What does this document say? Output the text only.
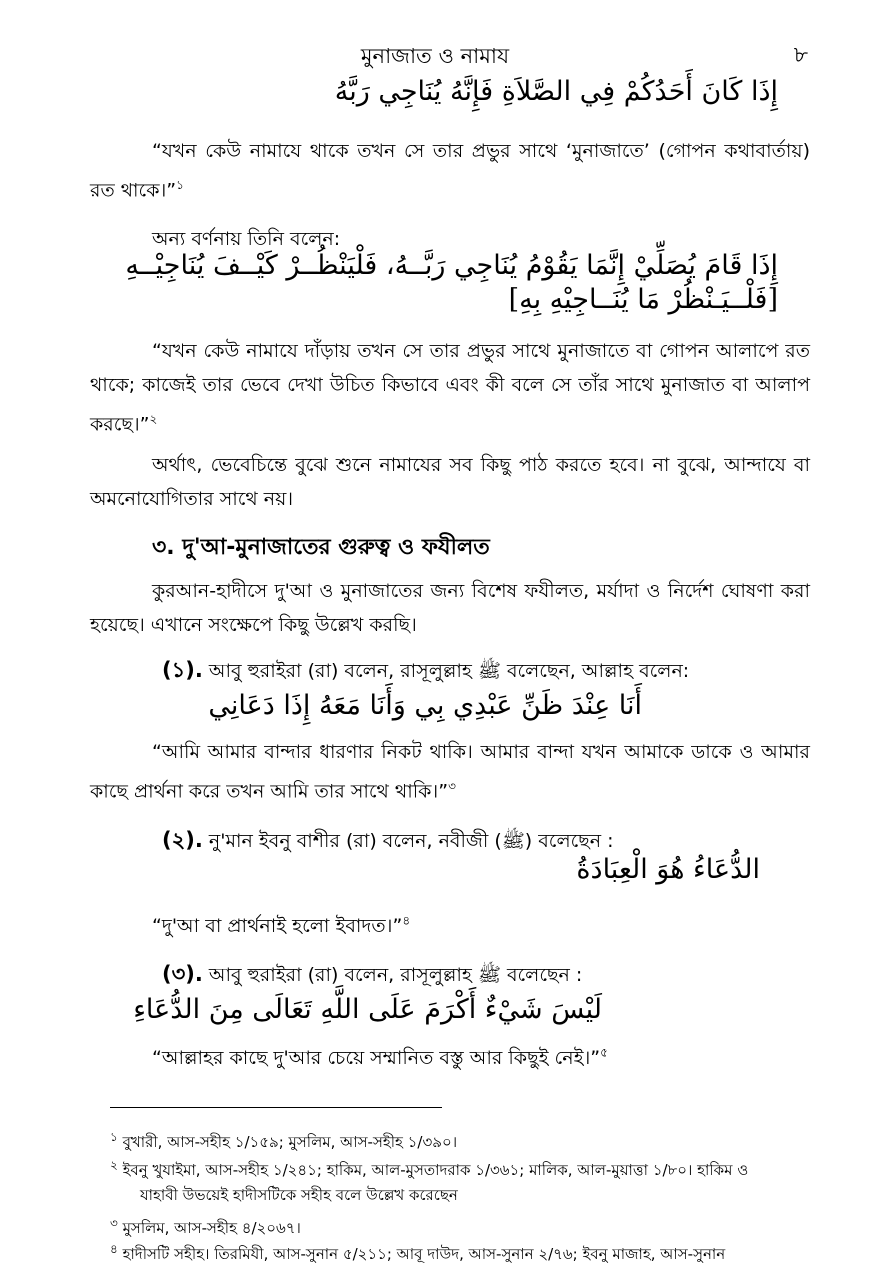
মুনাজাত ও নামায	৮
إِذَا كَانَ أَحَدُكُمْ فِي الصَّلاَةِ فَإِنَّهُ يُنَاجِي رَبَّهُ
“যখন কেউ নামাযে থাকে তখন সে তার প্রভুর সাথে ‘মুনাজাতে’ (গোপন কথাবার্তায়) রত থাকে।”$^১$
অন্য বর্ণনায় তিনি বলেন:
إِذَا قَامَ يُصَلِّيْ إِنَّمَا يَقُوْمُ يُنَاجِي رَبَّــهُ، فَلْيَنْظُــرْ كَيْــفَ يُنَاجِيْــهِ
[فَلْــيَـنْظُرْ مَا يُنَــاجِيْهِ بِهِ]
“যখন কেউ নামাযে দাঁড়ায় তখন সে তার প্রভুর সাথে মুনাজাতে বা গোপন আলাপে রত থাকে; কাজেই তার ভেবে দেখা উচিত কিভাবে এবং কী বলে সে তাঁর সাথে মুনাজাত বা আলাপ করছে।”$^২$
অর্থাৎ, ভেবেচিন্তে বুঝে শুনে নামাযের সব কিছু পাঠ করতে হবে। না বুঝে, আন্দাযে বা অমনোযোগিতার সাথে নয়।
৩. দু'আ-মুনাজাতের গুরুত্ব ও ফযীলত
কুরআন-হাদীসে দু'আ ও মুনাজাতের জন্য বিশেষ ফযীলত, মর্যাদা ও নির্দেশ ঘোষণা করা হয়েছে। এখানে সংক্ষেপে কিছু উল্লেখ করছি।
(১). আবু হুরাইরা (রা) বলেন, রাসূলুল্লাহ ﷺ বলেছেন, আল্লাহ বলেন:
أَنَا عِنْدَ ظَنِّ عَبْدِي بِي وَأَنَا مَعَهُ إِذَا دَعَانِي
“আমি আমার বান্দার ধারণার নিকট থাকি। আমার বান্দা যখন আমাকে ডাকে ও আমার কাছে প্রার্থনা করে তখন আমি তার সাথে থাকি।”$^৩$
(২). নু'মান ইবনু বাশীর (রা) বলেন, নবীজী (ﷺ) বলেছেন :
الدُّعَاءُ هُوَ الْعِبَادَةُ
“দু'আ বা প্রার্থনাই হলো ইবাদত।”$^৪$
(৩). আবু হুরাইরা (রা) বলেন, রাসূলুল্লাহ ﷺ বলেছেন :
لَيْسَ شَيْءٌ أَكْرَمَ عَلَى اللَّهِ تَعَالَى مِنَ الدُّعَاءِ
“আল্লাহর কাছে দু'আর চেয়ে সম্মানিত বস্তু আর কিছুই নেই।”$^৫$
$^১$ বুখারী, আস-সহীহ ১/১৫৯; মুসলিম, আস-সহীহ ১/৩৯০।
$^২$ ইবনু খুযাইমা, আস-সহীহ ১/২৪১; হাকিম, আল-মুসতাদরাক ১/৩৬১; মালিক, আল-মুয়াত্তা ১/৮০। হাকিম ও
যাহাবী উভয়েই হাদীসটিকে সহীহ বলে উল্লেখ করেছেন
$^৩$ মুসলিম, আস-সহীহ ৪/২০৬৭।
$^৪$ হাদীসটি সহীহ। তিরমিযী, আস-সুনান ৫/২১১; আবূ দাউদ, আস-সুনান ২/৭৬; ইবনু মাজাহ, আস-সুনান
